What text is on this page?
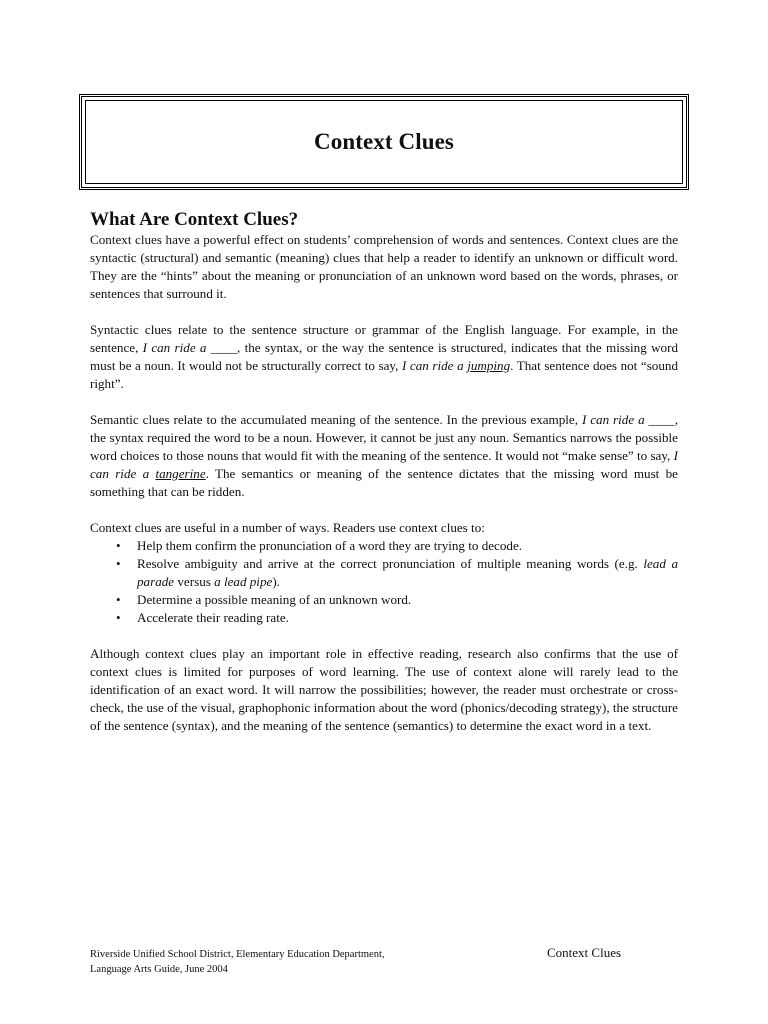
Context Clues
What Are Context Clues?

Context clues have a powerful effect on students’ comprehension of words and sentences. Context clues are the syntactic (structural) and semantic (meaning) clues that help a reader to identify an unknown or difficult word. They are the “hints” about the meaning or pronunciation of an unknown word based on the words, phrases, or sentences that surround it.

Syntactic clues relate to the sentence structure or grammar of the English language. For example, in the sentence, I can ride a ____, the syntax, or the way the sentence is structured, indicates that the missing word must be a noun. It would not be structurally correct to say, I can ride a jumping. That sentence does not “sound right”.

Semantic clues relate to the accumulated meaning of the sentence. In the previous example, I can ride a ____, the syntax required the word to be a noun. However, it cannot be just any noun. Semantics narrows the possible word choices to those nouns that would fit with the meaning of the sentence. It would not “make sense” to say, I can ride a tangerine. The semantics or meaning of the sentence dictates that the missing word must be something that can be ridden.

Context clues are useful in a number of ways. Readers use context clues to:

• Help them confirm the pronunciation of a word they are trying to decode.
• Resolve ambiguity and arrive at the correct pronunciation of multiple meaning words (e.g. lead a parade versus a lead pipe).
• Determine a possible meaning of an unknown word.
• Accelerate their reading rate.

Although context clues play an important role in effective reading, research also confirms that the use of context clues is limited for purposes of word learning. The use of context alone will rarely lead to the identification of an exact word. It will narrow the possibilities; however, the reader must orchestrate or cross-check, the use of the visual, graphophonic information about the word (phonics/decoding strategy), the structure of the sentence (syntax), and the meaning of the sentence (semantics) to determine the exact word in a text.

Riverside Unified School District, Elementary Education Department,
Language Arts Guide, June 2004
Context Clues
